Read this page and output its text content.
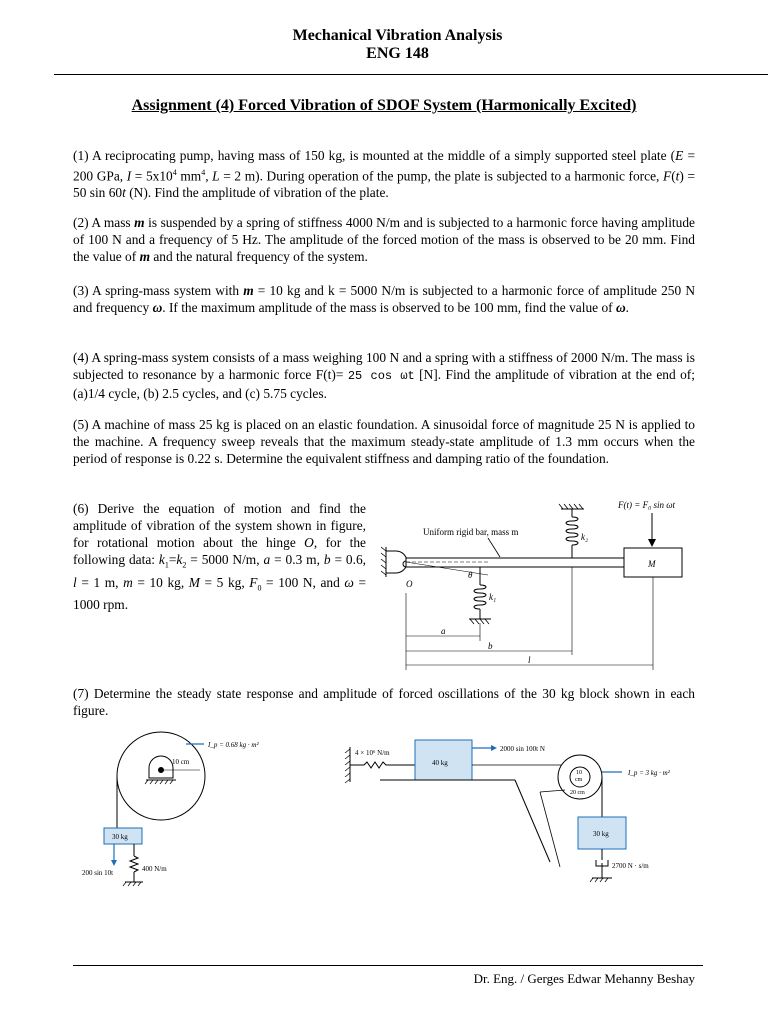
Mechanical Vibration Analysis
ENG 148
Assignment (4) Forced Vibration of SDOF System (Harmonically Excited)
(1) A reciprocating pump, having mass of 150 kg, is mounted at the middle of a simply supported steel plate (E = 200 GPa, $I = 5x10^4$ $mm^4$, L = 2 m). During operation of the pump, the plate is subjected to a harmonic force, F(t) = 50 sin 60t (N). Find the amplitude of vibration of the plate.
(2) A mass m is suspended by a spring of stiffness 4000 N/m and is subjected to a harmonic force having amplitude of 100 N and a frequency of 5 Hz. The amplitude of the forced motion of the mass is observed to be 20 mm. Find the value of m and the natural frequency of the system.
(3) A spring-mass system with m = 10 kg and k = 5000 N/m is subjected to a harmonic force of amplitude 250 N and frequency ω. If the maximum amplitude of the mass is observed to be 100 mm, find the value of ω.
(4) A spring-mass system consists of a mass weighing 100 N and a spring with a stiffness of 2000 N/m. The mass is subjected to resonance by a harmonic force F(t)= 25 cos ωt [N]. Find the amplitude of vibration at the end of; (a)1/4 cycle, (b) 2.5 cycles, and (c) 5.75 cycles.
(5) A machine of mass 25 kg is placed on an elastic foundation. A sinusoidal force of magnitude 25 N is applied to the machine. A frequency sweep reveals that the maximum steady-state amplitude of 1.3 mm occurs when the period of response is 0.22 s. Determine the equivalent stiffness and damping ratio of the foundation.
(6) Derive the equation of motion and find the amplitude of vibration of the system shown in figure, for rotational motion about the hinge O, for the following data: $k_1=k_2 = 5000$ N/m, a = 0.3 m, b = 0.6, l = 1 m, m = 10 kg, M = 5 kg, $F_0 = 100$ N, and ω = 1000 rpm.
F(t) = F₀ sin ωt
k₂
Uniform rigid bar, mass m
O
M
θ
k₁
a
b
l
(7) Determine the steady state response and amplitude of forced oscillations of the 30 kg block shown in each figure.
10 cm
I_p = 0.68 kg · m²
30 kg
200 sin 10t	400 N/m
4 × 10⁶ N/m
40 kg
2000 sin 100t N
10
cm
20 cm
I_p = 3 kg · m²
30 kg
2700 N · s/m
Dr. Eng. / Gerges Edwar Mehanny Beshay
